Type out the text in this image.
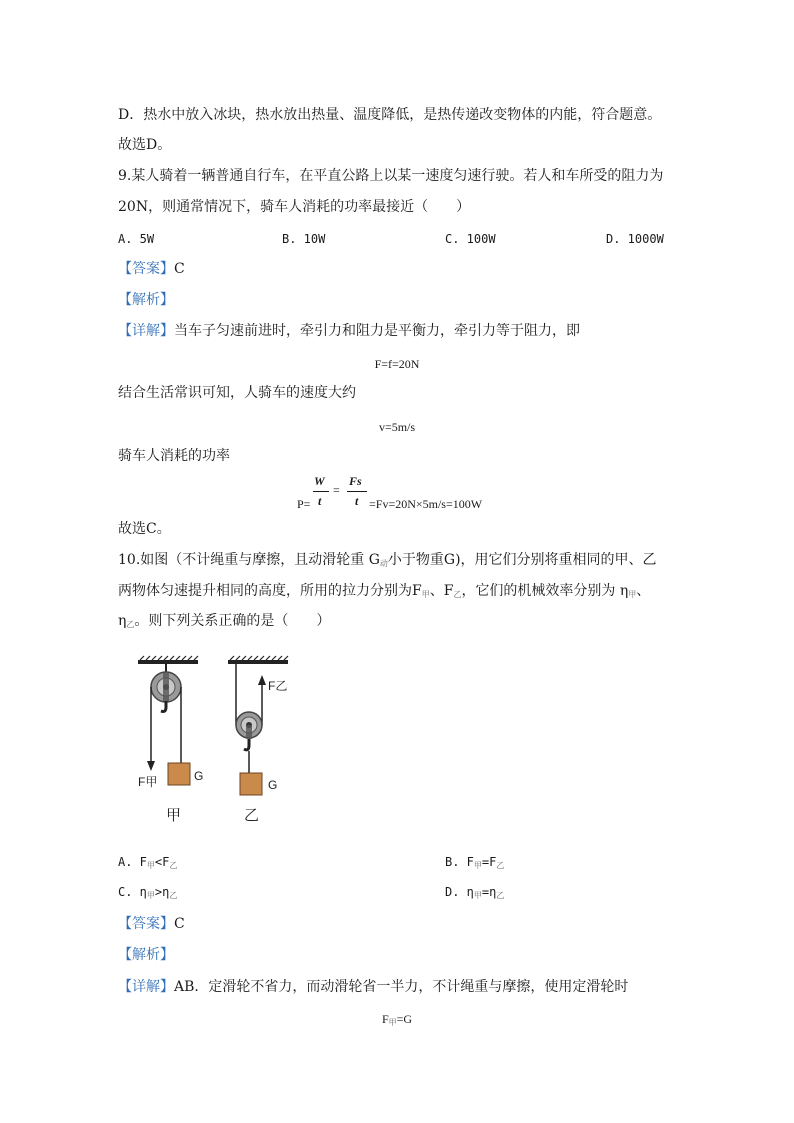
D．热水中放入冰块，热水放出热量、温度降低，是热传递改变物体的内能，符合题意。
故选D。
9.某人骑着一辆普通自行车，在平直公路上以某一速度匀速行驶。若人和车所受的阻力为
20N，则通常情况下，骑车人消耗的功率最接近（　　）
A. 5W	B. 10W	C. 100W	D. 1000W
【答案】C
【解析】
【详解】当车子匀速前进时，牵引力和阻力是平衡力，牵引力等于阻力，即
F=f=20N
结合生活常识可知，人骑车的速度大约
v=5m/s
骑车人消耗的功率
P=
W
t
=
Fs
t =Fv=20N×5m/s=100W
故选C。
10.如图（不计绳重与摩擦，且动滑轮重 $G_动$小于物重G)，用它们分别将重相同的甲、乙
两物体匀速提升相同的高度，所用的拉力分别为$F_甲$、$F_乙$，它们的机械效率分别为 $\eta_甲$、
$\eta_乙$。则下列关系正确的是（　　）
F甲	G
甲
F乙
G
乙
A. $F_甲<F_乙$	B. $F_甲=F_乙$
C. $\eta_甲>\eta_乙$	D. $\eta_甲=\eta_乙$
【答案】C
【解析】
【详解】AB．定滑轮不省力，而动滑轮省一半力，不计绳重与摩擦，使用定滑轮时
$F_甲=G$
